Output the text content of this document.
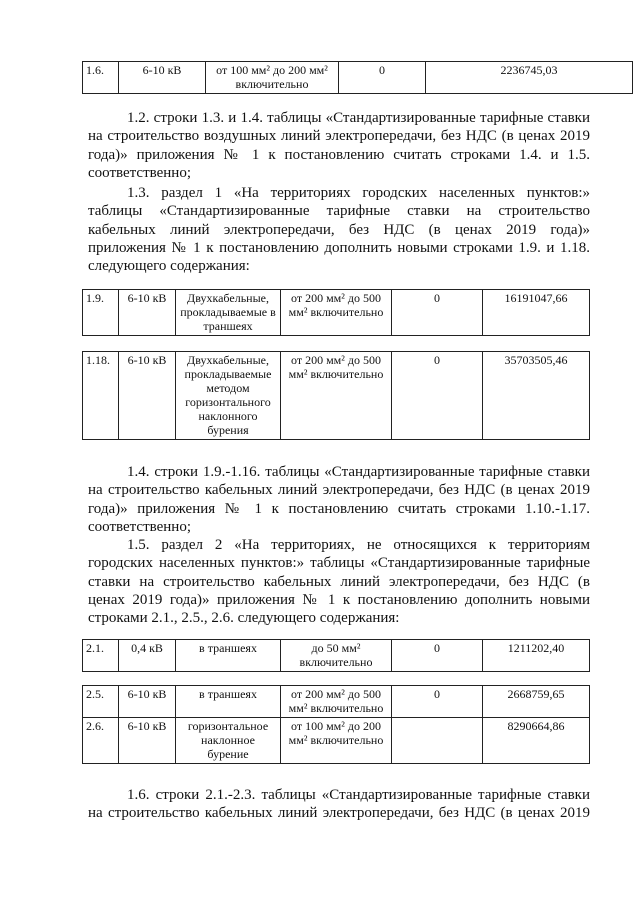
1.6.	6-10 кВ	от 100 мм² до 200 мм² включительно	0	2236745,03
1.2. строки 1.3. и 1.4. таблицы «Стандартизированные тарифные ставки
на строительство воздушных линий электропередачи, без НДС (в ценах 2019
года)» приложения № 1 к постановлению считать строками 1.4. и 1.5.
соответственно;
1.3. раздел 1 «На территориях городских населенных пунктов:»
таблицы «Стандартизированные тарифные ставки на строительство
кабельных линий электропередачи, без НДС (в ценах 2019 года)»
приложения № 1 к постановлению дополнить новыми строками 1.9. и 1.18.
следующего содержания:
1.9.	6-10 кВ	Двухкабельные, прокладываемые в траншеях	от 200 мм² до 500 мм² включительно	0	16191047,66
1.18.	6-10 кВ	Двухкабельные, прокладываемые методом горизонтального наклонного бурения	от 200 мм² до 500 мм² включительно	0	35703505,46
1.4. строки 1.9.-1.16. таблицы «Стандартизированные тарифные ставки
на строительство кабельных линий электропередачи, без НДС (в ценах 2019
года)» приложения № 1 к постановлению считать строками 1.10.-1.17.
соответственно;
1.5. раздел 2 «На территориях, не относящихся к территориям
городских населенных пунктов:» таблицы «Стандартизированные тарифные
ставки на строительство кабельных линий электропередачи, без НДС (в
ценах 2019 года)» приложения № 1 к постановлению дополнить новыми
строками 2.1., 2.5., 2.6. следующего содержания:
2.1.	0,4 кВ	в траншеях	до 50 мм² включительно	0	1211202,40
2.5.	6-10 кВ	в траншеях	от 200 мм² до 500 мм² включительно	0	2668759,65
2.6.	6-10 кВ	горизонтальное наклонное бурение	от 100 мм² до 200 мм² включительно		8290664,86
1.6. строки 2.1.-2.3. таблицы «Стандартизированные тарифные ставки
на строительство кабельных линий электропередачи, без НДС (в ценах 2019
